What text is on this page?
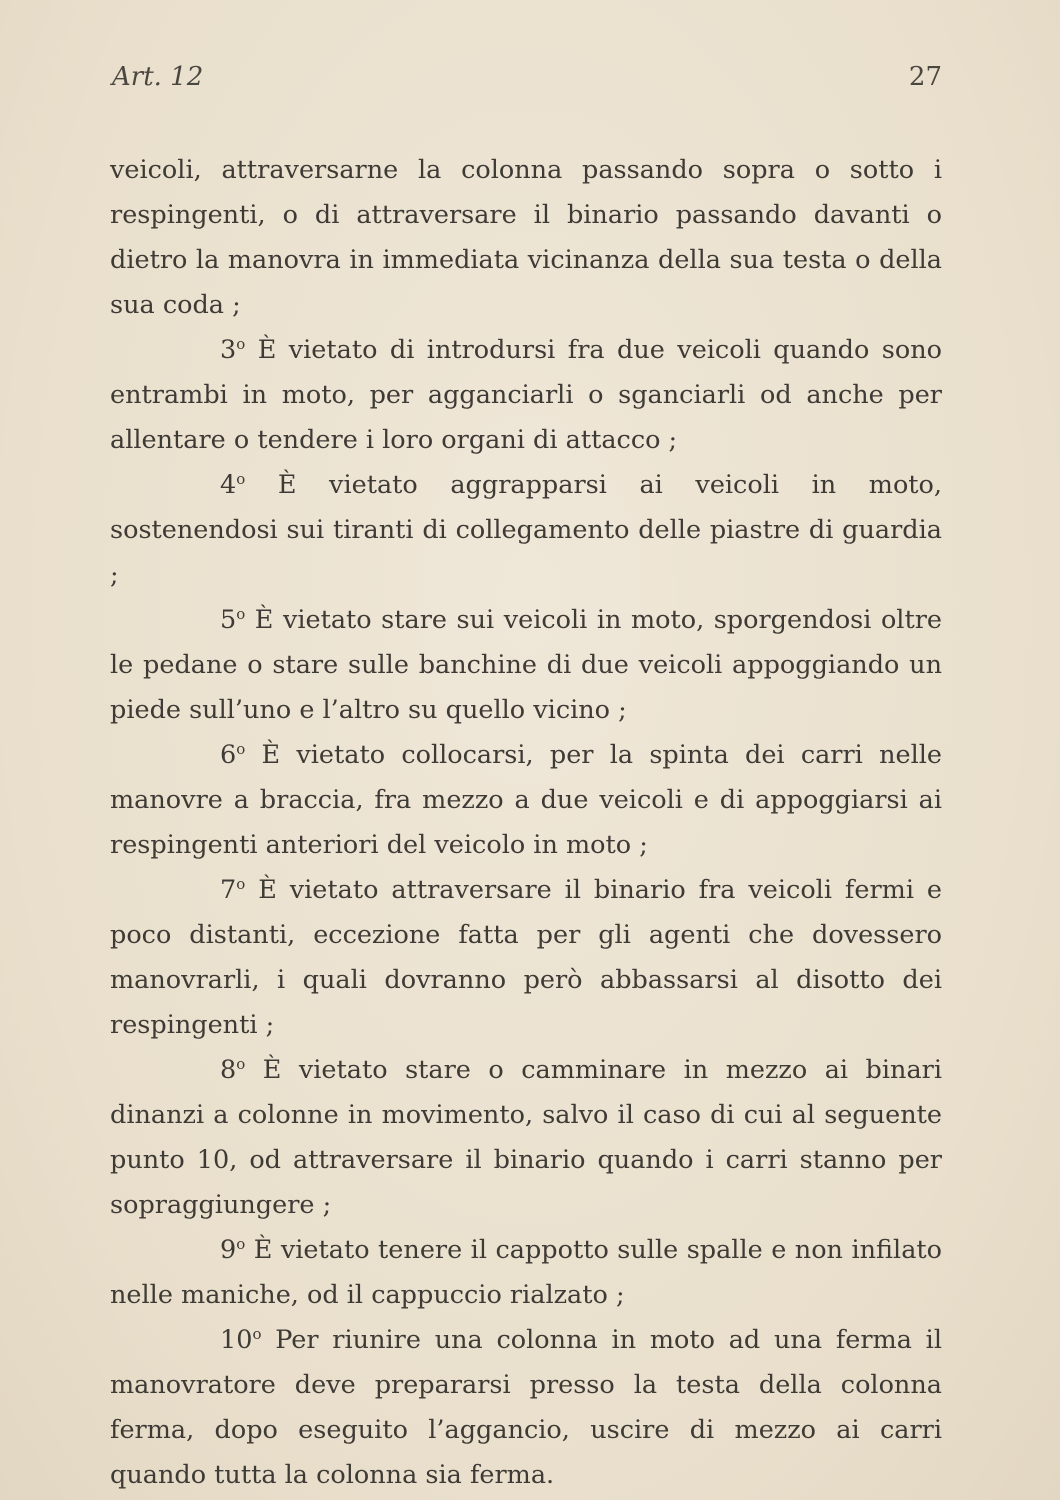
Art. 12	27

veicoli, attraversarne la colonna passando sopra o sotto i respingenti, o di attraversare il binario passando davanti o dietro la manovra in immediata vicinanza della sua testa o della sua coda ;

3$^o$ È vietato di introdursi fra due veicoli quando sono entrambi in moto, per agganciarli o sganciarli od anche per allentare o tendere i loro organi di attacco ;

4$^o$ È vietato aggrapparsi ai veicoli in moto, sostenendosi sui tiranti di collegamento delle piastre di guardia ;

5$^o$ È vietato stare sui veicoli in moto, sporgendosi oltre le pedane o stare sulle banchine di due veicoli appoggiando un piede sull’uno e l’altro su quello vicino ;

6$^o$ È vietato collocarsi, per la spinta dei carri nelle manovre a braccia, fra mezzo a due veicoli e di appoggiarsi ai respingenti anteriori del veicolo in moto ;

7$^o$ È vietato attraversare il binario fra veicoli fermi e poco distanti, eccezione fatta per gli agenti che dovessero manovrarli, i quali dovranno però abbassarsi al disotto dei respingenti ;

8$^o$ È vietato stare o camminare in mezzo ai binari dinanzi a colonne in movimento, salvo il caso di cui al seguente punto 10, od attraversare il binario quando i carri stanno per sopraggiungere ;

9$^o$ È vietato tenere il cappotto sulle spalle e non infilato nelle maniche, od il cappuccio rialzato ;

10$^o$ Per riunire una colonna in moto ad una ferma il manovratore deve prepararsi presso la testa della colonna ferma, dopo eseguito l’aggancio, uscire di mezzo ai carri quando tutta la colonna sia ferma.
